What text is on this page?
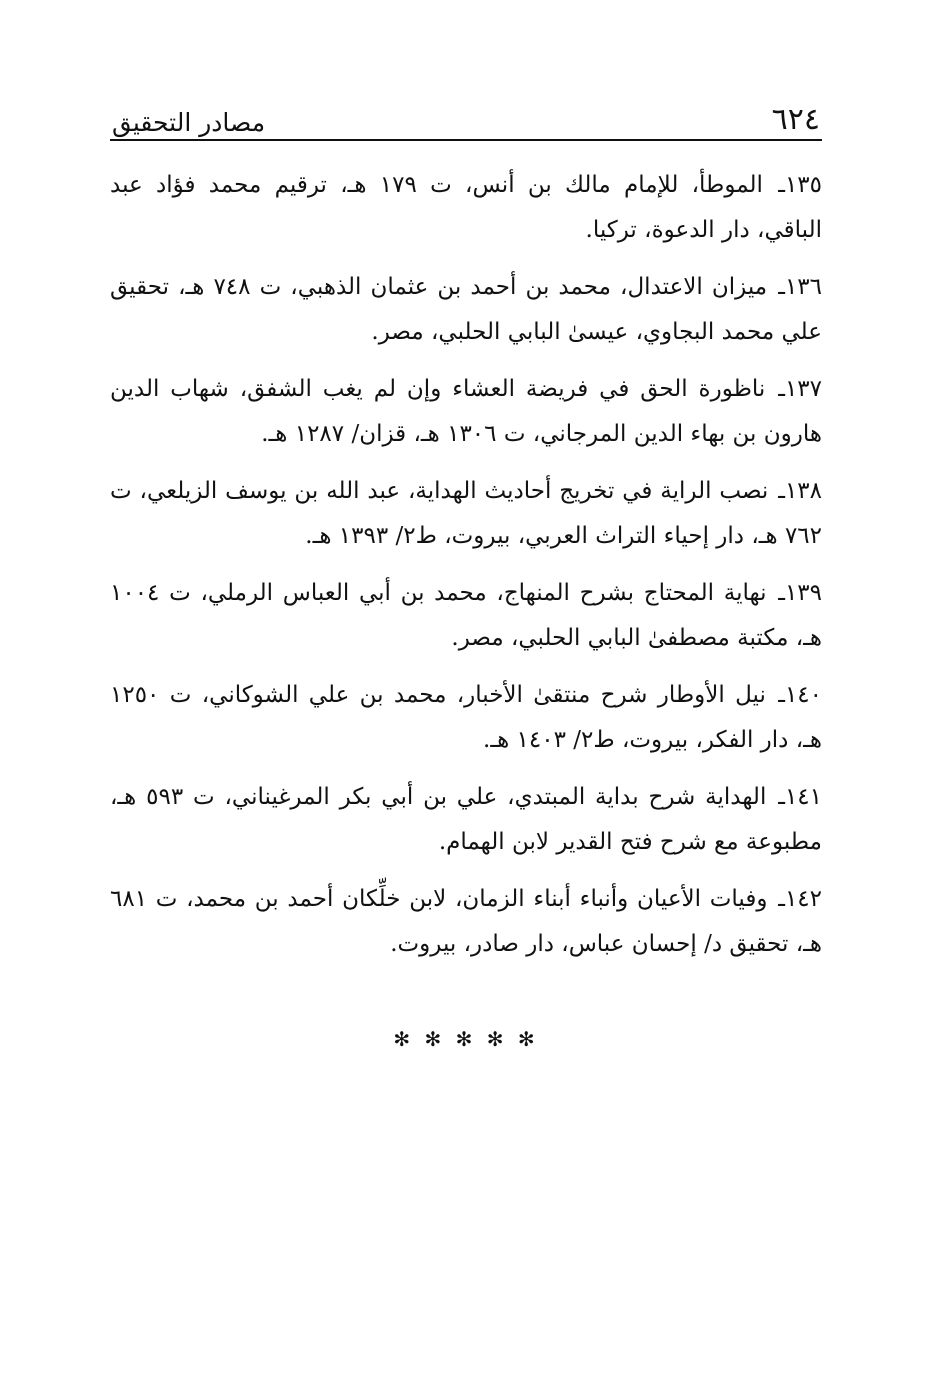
٦٢٤
مصادر التحقيق

١٣٥ـ الموطأ، للإمام مالك بن أنس، ت ١٧٩ هـ، ترقيم محمد فؤاد عبد الباقي، دار الدعوة، تركيا.

١٣٦ـ ميزان الاعتدال، محمد بن أحمد بن عثمان الذهبي، ت ٧٤٨ هـ، تحقيق علي محمد البجاوي، عيسىٰ البابي الحلبي، مصر.

١٣٧ـ ناظورة الحق في فريضة العشاء وإن لم يغب الشفق، شهاب الدين هارون بن بهاء الدين المرجاني، ت ١٣٠٦ هـ، قزان/ ١٢٨٧ هـ.

١٣٨ـ نصب الراية في تخريج أحاديث الهداية، عبد الله بن يوسف الزيلعي، ت ٧٦٢ هـ، دار إحياء التراث العربي، بيروت، ط٢/ ١٣٩٣ هـ.

١٣٩ـ نهاية المحتاج بشرح المنهاج، محمد بن أبي العباس الرملي، ت ١٠٠٤ هـ، مكتبة مصطفىٰ البابي الحلبي، مصر.

١٤٠ـ نيل الأوطار شرح منتقىٰ الأخبار، محمد بن علي الشوكاني، ت ١٢٥٠ هـ، دار الفكر، بيروت، ط٢/ ١٤٠٣ هـ.

١٤١ـ الهداية شرح بداية المبتدي، علي بن أبي بكر المرغيناني، ت ٥٩٣ هـ، مطبوعة مع شرح فتح القدير لابن الهمام.

١٤٢ـ وفيات الأعيان وأنباء أبناء الزمان، لابن خلِّكان أحمد بن محمد، ت ٦٨١ هـ، تحقيق د/ إحسان عباس، دار صادر، بيروت.

✻ ✻ ✻ ✻ ✻
